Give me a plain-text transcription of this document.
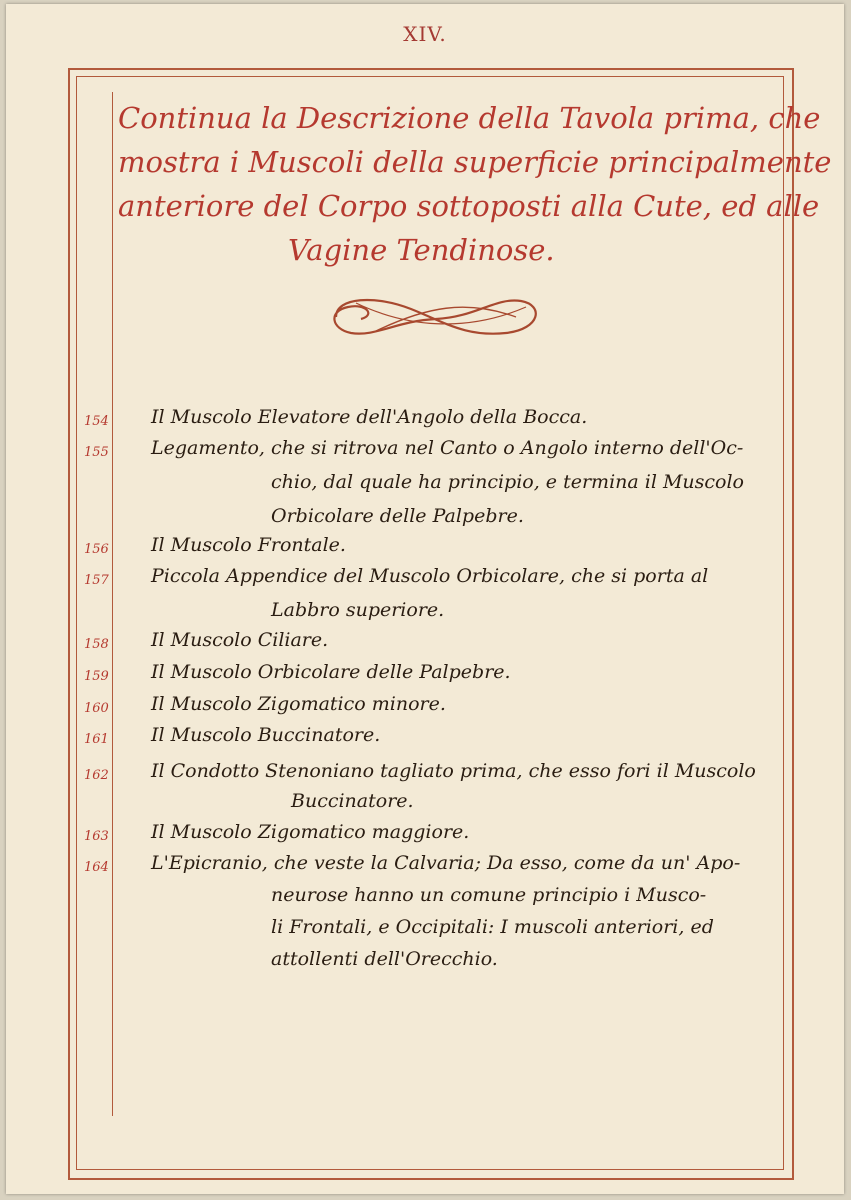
XIV.

Continua la Descrizione della Tavola prima, che

mostra i Muscoli della superficie principalmente

anteriore del Corpo sottoposti alla Cute, ed alle

Vagine Tendinose.

154	Il Muscolo Elevatore dell'Angolo della Bocca.
155	Legamento, che si ritrova nel Canto o Angolo interno dell'Oc-
chio, dal quale ha principio, e termina il Muscolo
Orbicolare delle Palpebre.
156	Il Muscolo Frontale.
157	Piccola Appendice del Muscolo Orbicolare, che si porta al
Labbro superiore.
158	Il Muscolo Ciliare.
159	Il Muscolo Orbicolare delle Palpebre.
160	Il Muscolo Zigomatico minore.
161	Il Muscolo Buccinatore.
162	Il Condotto Stenoniano tagliato prima, che esso fori il Muscolo
Buccinatore.
163	Il Muscolo Zigomatico maggiore.
164	L'Epicranio, che veste la Calvaria; Da esso, come da un' Apo-
neurose hanno un comune principio i Musco-
li Frontali, e Occipitali: I muscoli anteriori, ed
attollenti dell'Orecchio.
